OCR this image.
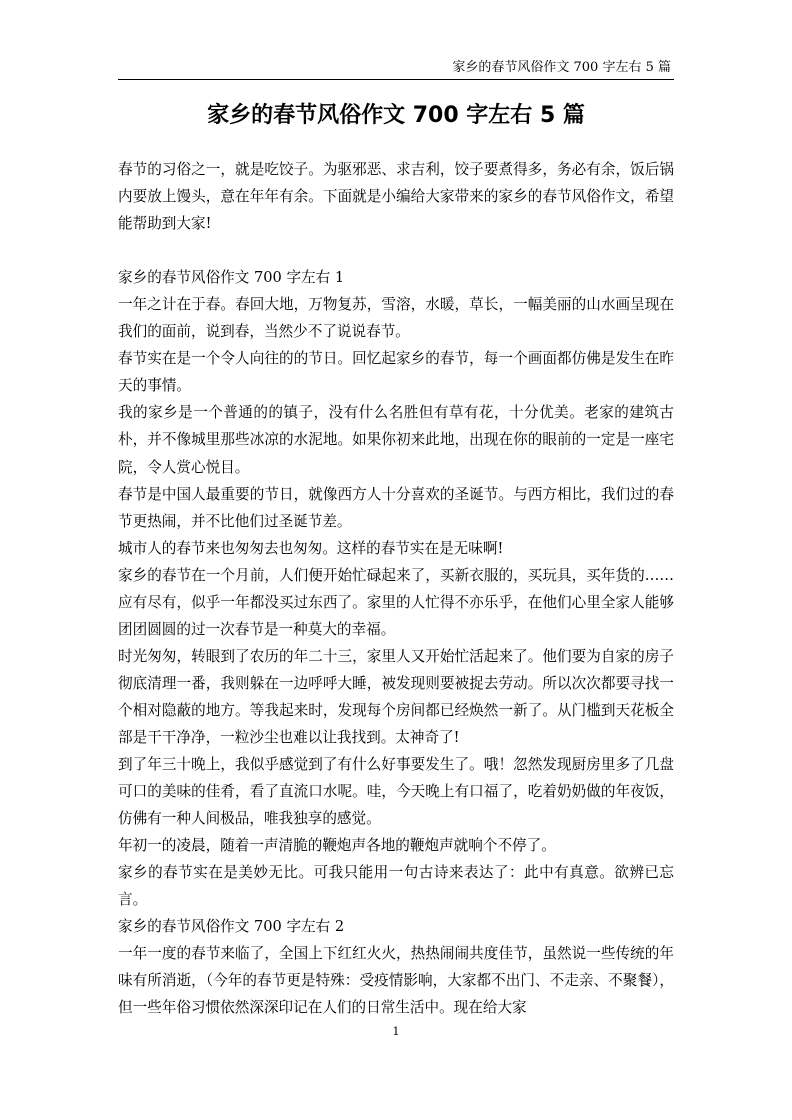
家乡的春节风俗作文 700 字左右 5 篇
家乡的春节风俗作文 700 字左右 5 篇

春节的习俗之一，就是吃饺子。为驱邪恶、求吉利，饺子要煮得多，务必有余，饭后锅内要放上馒头，意在年年有余。下面就是小编给大家带来的家乡的春节风俗作文，希望能帮助到大家!

家乡的春节风俗作文 700 字左右 1

一年之计在于春。春回大地，万物复苏，雪溶，水暖，草长，一幅美丽的山水画呈现在我们的面前，说到春，当然少不了说说春节。

春节实在是一个令人向往的的节日。回忆起家乡的春节，每一个画面都仿佛是发生在昨天的事情。

我的家乡是一个普通的的镇子，没有什么名胜但有草有花，十分优美。老家的建筑古朴，并不像城里那些冰凉的水泥地。如果你初来此地，出现在你的眼前的一定是一座宅院，令人赏心悦目。

春节是中国人最重要的节日，就像西方人十分喜欢的圣诞节。与西方相比，我们过的春节更热闹，并不比他们过圣诞节差。

城市人的春节来也匆匆去也匆匆。这样的春节实在是无味啊!

家乡的春节在一个月前，人们便开始忙碌起来了，买新衣服的，买玩具，买年货的……应有尽有，似乎一年都没买过东西了。家里的人忙得不亦乐乎，在他们心里全家人能够团团圆圆的过一次春节是一种莫大的幸福。

时光匆匆，转眼到了农历的年二十三，家里人又开始忙活起来了。他们要为自家的房子彻底清理一番，我则躲在一边呼呼大睡，被发现则要被捉去劳动。所以次次都要寻找一个相对隐蔽的地方。等我起来时，发现每个房间都已经焕然一新了。从门槛到天花板全部是干干净净，一粒沙尘也难以让我找到。太神奇了!

到了年三十晚上，我似乎感觉到了有什么好事要发生了。哦！忽然发现厨房里多了几盘可口的美味的佳肴，看了直流口水呢。哇，今天晚上有口福了，吃着奶奶做的年夜饭，仿佛有一种人间极品，唯我独享的感觉。

年初一的凌晨，随着一声清脆的鞭炮声各地的鞭炮声就响个不停了。

家乡的春节实在是美妙无比。可我只能用一句古诗来表达了：此中有真意。欲辨已忘言。

家乡的春节风俗作文 700 字左右 2

一年一度的春节来临了，全国上下红红火火，热热闹闹共度佳节，虽然说一些传统的年味有所消逝，（今年的春节更是特殊：受疫情影响，大家都不出门、不走亲、不聚餐），但一些年俗习惯依然深深印记在人们的日常生活中。现在给大家

1
